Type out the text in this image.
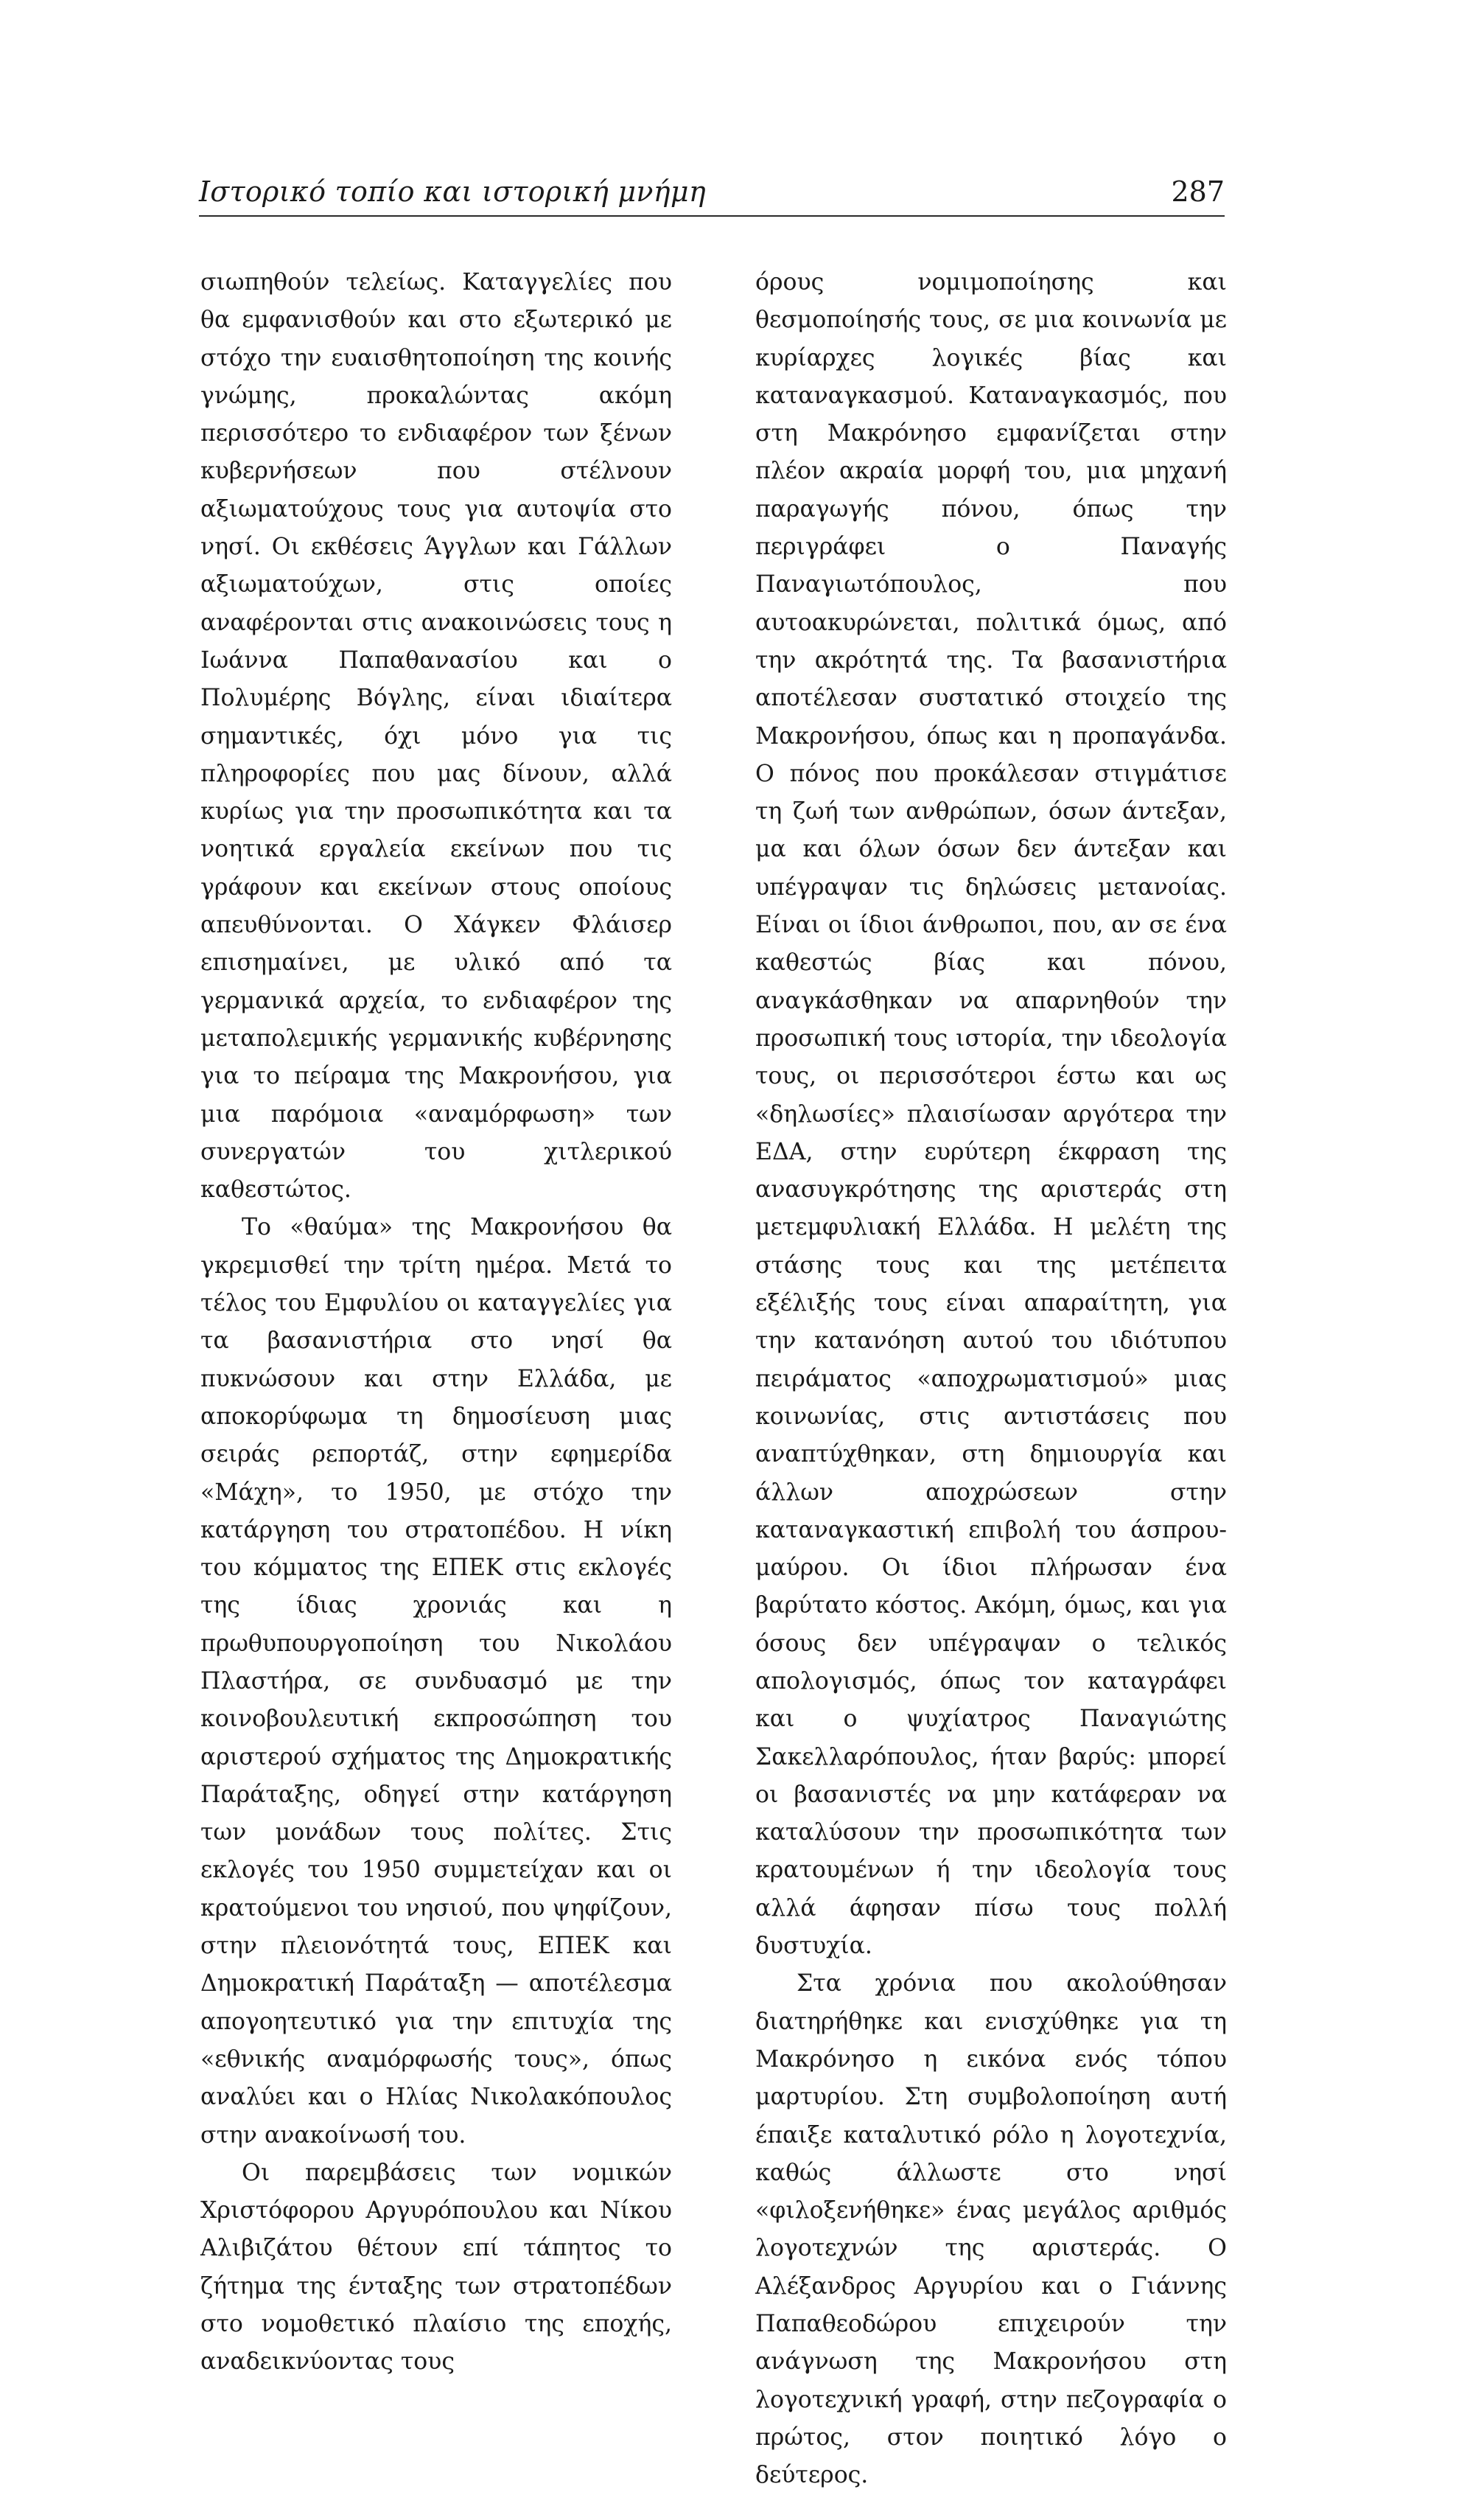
Ιστορικό τοπίο και ιστορική μνήμη	287

σιωπηθούν τελείως. Καταγγελίες που θα εμφανισθούν και στο εξωτερικό με στόχο την ευαισθητοποίηση της κοινής γνώμης, προκαλώντας ακόμη περισσότερο το ενδιαφέρον των ξένων κυβερνήσεων που στέλνουν αξιωματούχους τους για αυτοψία στο νησί. Οι εκθέσεις Άγγλων και Γάλλων αξιωματούχων, στις οποίες αναφέρονται στις ανακοινώσεις τους η Ιωάννα Παπαθανασίου και ο Πολυμέρης Βόγλης, είναι ιδιαίτερα σημαντικές, όχι μόνο για τις πληροφορίες που μας δίνουν, αλλά κυρίως για την προσωπικότητα και τα νοητικά εργαλεία εκείνων που τις γράφουν και εκείνων στους οποίους απευθύνονται. Ο Χάγκεν Φλάισερ επισημαίνει, με υλικό από τα γερμανικά αρχεία, το ενδιαφέρον της μεταπολεμικής γερμανικής κυβέρνησης για το πείραμα της Μακρονήσου, για μια παρόμοια «αναμόρφωση» των συνεργατών του χιτλερικού καθεστώτος.

Το «θαύμα» της Μακρονήσου θα γκρεμισθεί την τρίτη ημέρα. Μετά το τέλος του Εμφυλίου οι καταγγελίες για τα βασανιστήρια στο νησί θα πυκνώσουν και στην Ελλάδα, με αποκορύφωμα τη δημοσίευση μιας σειράς ρεπορτάζ, στην εφημερίδα «Μάχη», το 1950, με στόχο την κατάργηση του στρατοπέδου. Η νίκη του κόμματος της ΕΠΕΚ στις εκλογές της ίδιας χρονιάς και η πρωθυπουργοποίηση του Νικολάου Πλαστήρα, σε συνδυασμό με την κοινοβουλευτική εκπροσώπηση του αριστερού σχήματος της Δημοκρατικής Παράταξης, οδηγεί στην κατάργηση των μονάδων τους πολίτες. Στις εκλογές του 1950 συμμετείχαν και οι κρατούμενοι του νησιού, που ψηφίζουν, στην πλειονότητά τους, ΕΠΕΚ και Δημοκρατική Παράταξη — αποτέλεσμα απογοητευτικό για την επιτυχία της «εθνικής αναμόρφωσής τους», όπως αναλύει και ο Ηλίας Νικολακόπουλος στην ανακοίνωσή του.

Οι παρεμβάσεις των νομικών Χριστόφορου Αργυρόπουλου και Νίκου Αλιβιζάτου θέτουν επί τάπητος το ζήτημα της ένταξης των στρατοπέδων στο νομοθετικό πλαίσιο της εποχής, αναδεικνύοντας τους

όρους νομιμοποίησης και θεσμοποίησής τους, σε μια κοινωνία με κυρίαρχες λογικές βίας και καταναγκασμού. Καταναγκασμός, που στη Μακρόνησο εμφανίζεται στην πλέον ακραία μορφή του, μια μηχανή παραγωγής πόνου, όπως την περιγράφει ο Παναγής Παναγιωτόπουλος, που αυτοακυρώνεται, πολιτικά όμως, από την ακρότητά της. Τα βασανιστήρια αποτέλεσαν συστατικό στοιχείο της Μακρονήσου, όπως και η προπαγάνδα. Ο πόνος που προκάλεσαν στιγμάτισε τη ζωή των ανθρώπων, όσων άντεξαν, μα και όλων όσων δεν άντεξαν και υπέγραψαν τις δηλώσεις μετανοίας. Είναι οι ίδιοι άνθρωποι, που, αν σε ένα καθεστώς βίας και πόνου, αναγκάσθηκαν να απαρνηθούν την προσωπική τους ιστορία, την ιδεολογία τους, οι περισσότεροι έστω και ως «δηλωσίες» πλαισίωσαν αργότερα την ΕΔΑ, στην ευρύτερη έκφραση της ανασυγκρότησης της αριστεράς στη μετεμφυλιακή Ελλάδα. Η μελέτη της στάσης τους και της μετέπειτα εξέλιξής τους είναι απαραίτητη, για την κατανόηση αυτού του ιδιότυπου πειράματος «αποχρωματισμού» μιας κοινωνίας, στις αντιστάσεις που αναπτύχθηκαν, στη δημιουργία και άλλων αποχρώσεων στην καταναγκαστική επιβολή του άσπρου-μαύρου. Οι ίδιοι πλήρωσαν ένα βαρύτατο κόστος. Ακόμη, όμως, και για όσους δεν υπέγραψαν ο τελικός απολογισμός, όπως τον καταγράφει και ο ψυχίατρος Παναγιώτης Σακελλαρόπουλος, ήταν βαρύς: μπορεί οι βασανιστές να μην κατάφεραν να καταλύσουν την προσωπικότητα των κρατουμένων ή την ιδεολογία τους αλλά άφησαν πίσω τους πολλή δυστυχία.

Στα χρόνια που ακολούθησαν διατηρήθηκε και ενισχύθηκε για τη Μακρόνησο η εικόνα ενός τόπου μαρτυρίου. Στη συμβολοποίηση αυτή έπαιξε καταλυτικό ρόλο η λογοτεχνία, καθώς άλλωστε στο νησί «φιλοξενήθηκε» ένας μεγάλος αριθμός λογοτεχνών της αριστεράς. Ο Αλέξανδρος Αργυρίου και ο Γιάννης Παπαθεοδώρου επιχειρούν την ανάγνωση της Μακρονήσου στη λογοτεχνική γραφή, στην πεζογραφία ο πρώτος, στον ποιητικό λόγο ο δεύτερος.
